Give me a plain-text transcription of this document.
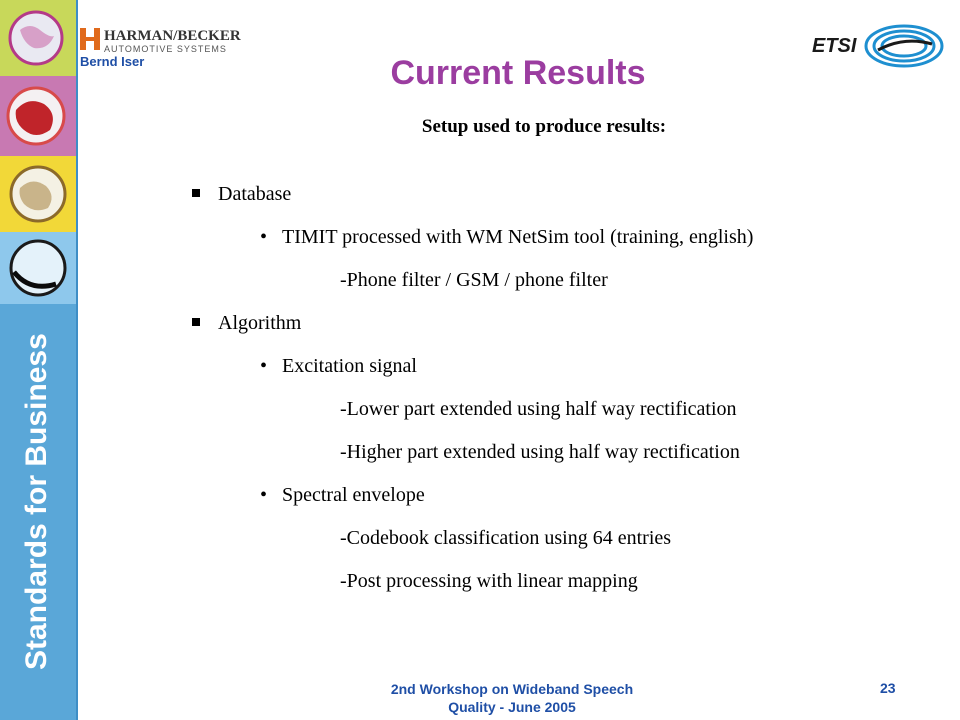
Standards for Business
HARMAN/BECKER
AUTOMOTIVE SYSTEMS
Bernd Iser
ETSI
Current Results
Setup used to produce results:
Database
• TIMIT processed with WM NetSim tool (training, english)
-Phone filter / GSM / phone filter
Algorithm
• Excitation signal
-Lower part extended using half way rectification
-Higher part extended using half way rectification
• Spectral envelope
-Codebook classification using 64 entries
-Post processing with linear mapping
2nd Workshop on Wideband Speech
Quality - June 2005
23
